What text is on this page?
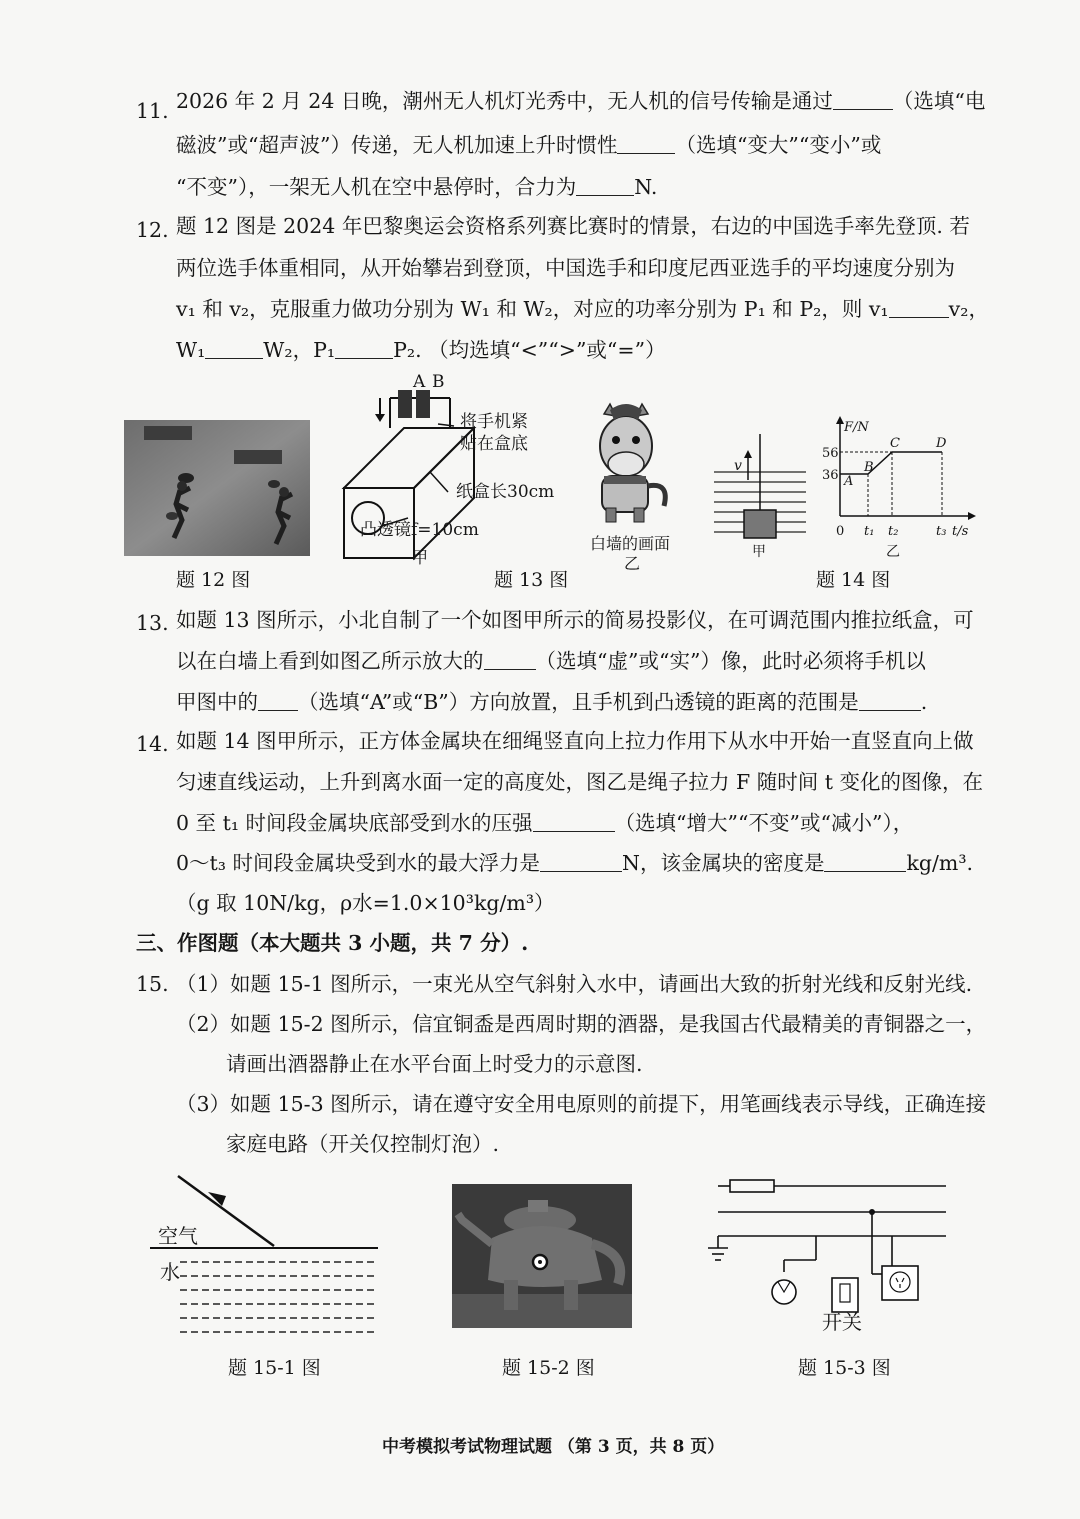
11. 2026 年 2 月 24 日晚，潮州无人机灯光秀中，无人机的信号传输是通过	（选填“电
磁波”或“超声波”）传递，无人机加速上升时惯性	（选填“变大”“变小”或
“不变”），一架无人机在空中悬停时，合力为	N.
12. 题 12 图是 2024 年巴黎奥运会资格系列赛比赛时的情景，右边的中国选手率先登顶. 若
两位选手体重相同，从开始攀岩到登顶，中国选手和印度尼西亚选手的平均速度分别为
v₁ 和 v₂，克服重力做功分别为 W₁ 和 W₂，对应的功率分别为 P₁ 和 P₂，则 v₁	v₂，
W₁	W₂，P₁	P₂. （均选填“<”“>”或“=”）
题 12 图
A B
将手机紧
贴在盒底
纸盒长30cm
凸透镜f=10cm
甲
白墙的画面
乙
题 13 图
v
甲
F/N
56
36 A
B
C	D
0 t₁ t₂	t₃ t/s
乙
题 14 图
13. 如题 13 图所示，小北自制了一个如图甲所示的简易投影仪，在可调范围内推拉纸盒，可
以在白墙上看到如图乙所示放大的	（选填“虚”或“实”）像，此时必须将手机以
甲图中的 （选填“A”或“B”）方向放置，且手机到凸透镜的距离的范围是	.
14. 如题 14 图甲所示，正方体金属块在细绳竖直向上拉力作用下从水中开始一直竖直向上做
匀速直线运动，上升到离水面一定的高度处，图乙是绳子拉力 F 随时间 t 变化的图像，在
0 至 t₁ 时间段金属块底部受到水的压强	（选填“增大”“不变”或“减小”），
0～t₃ 时间段金属块受到水的最大浮力是	N，该金属块的密度是	kg/m³.
（g 取 10N/kg，ρ水=1.0×10³kg/m³）
三、作图题（本大题共 3 小题，共 7 分）.
15. （1）如题 15-1 图所示，一束光从空气斜射入水中，请画出大致的折射光线和反射光线.
（2）如题 15-2 图所示，信宜铜盉是西周时期的酒器，是我国古代最精美的青铜器之一，
请画出酒器静止在水平台面上时受力的示意图.
（3）如题 15-3 图所示，请在遵守安全用电原则的前提下，用笔画线表示导线，正确连接
家庭电路（开关仅控制灯泡）.
空气
水
题 15-1 图	题 15-2 图
开关
题 15-3 图
中考模拟考试物理试题 （第 3 页，共 8 页）
